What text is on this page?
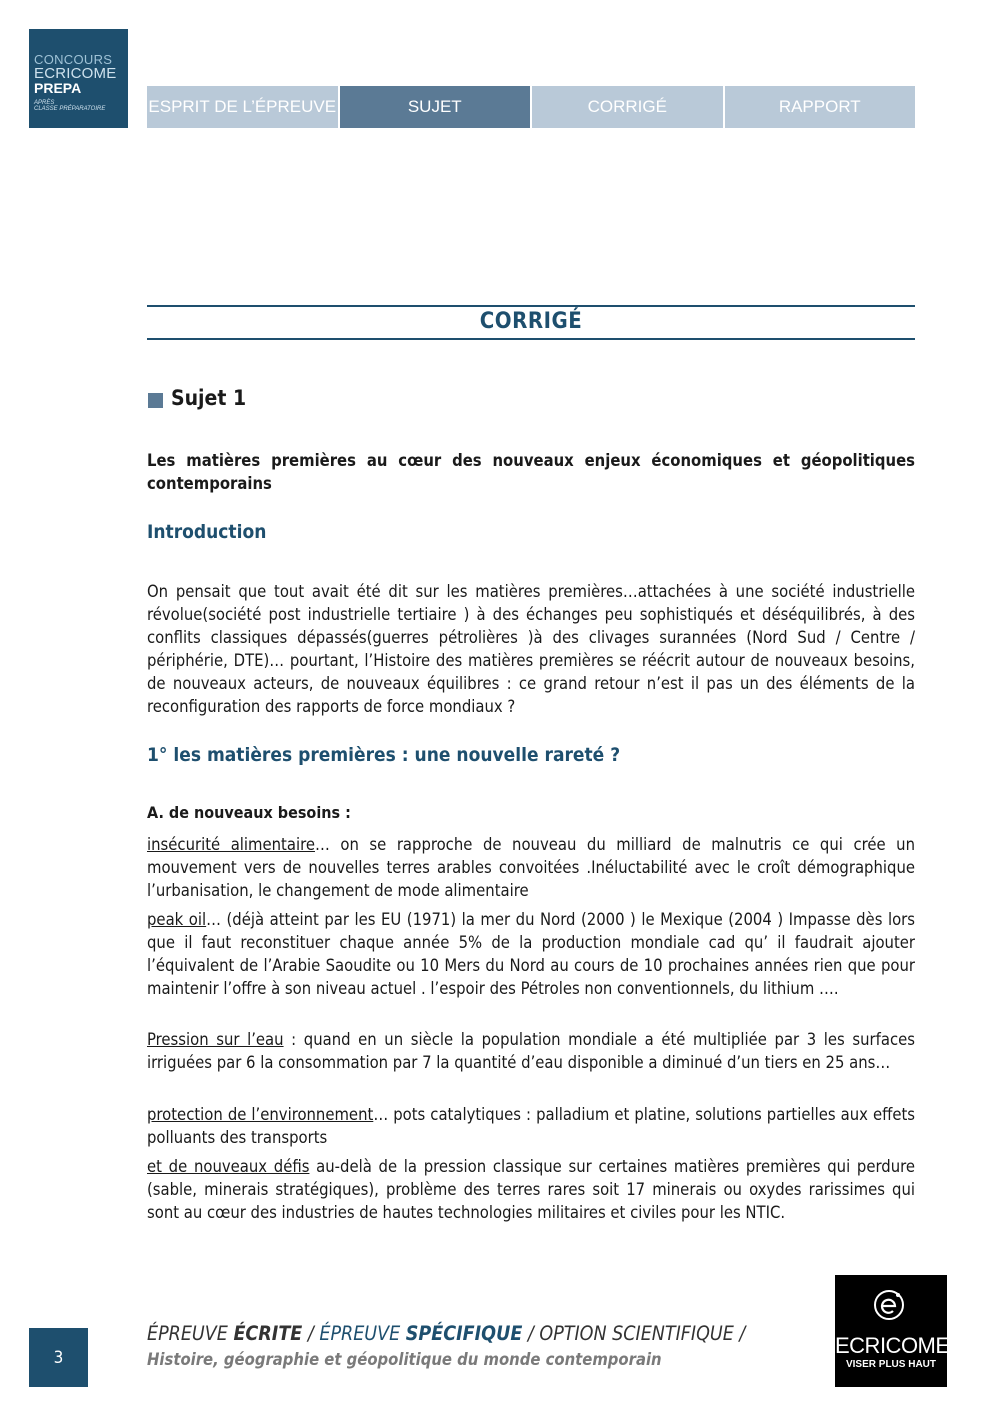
CONCOURS
ECRICOME
PREPA
APRÈS
CLASSE PRÉPARATOIRE	ESPRIT DE L’ÉPREUVE	SUJET	CORRIGÉ	RAPPORT
CORRIGÉ
Sujet 1
Les matières premières au cœur des nouveaux enjeux économiques et géopolitiques contemporains
Introduction
On pensait que tout avait été dit sur les matières premières…attachées à une société industrielle révolue(société post industrielle tertiaire ) à des échanges peu sophistiqués et déséquilibrés, à des conflits classiques dépassés(guerres pétrolières )à des clivages surannées (Nord Sud / Centre / périphérie, DTE)… pourtant, l’Histoire des matières premières se réécrit autour de nouveaux besoins, de nouveaux acteurs, de nouveaux équilibres : ce grand retour n’est il pas un des éléments de la reconfiguration des rapports de force mondiaux ?
1° les matières premières : une nouvelle rareté ?
A. de nouveaux besoins :
insécurité alimentaire… on se rapproche de nouveau du milliard de malnutris ce qui crée un mouvement vers de nouvelles terres arables convoitées .Inéluctabilité avec le croît démographique l’urbanisation, le changement de mode alimentaire
peak oil… (déjà atteint par les EU (1971) la mer du Nord (2000 ) le Mexique (2004 ) Impasse dès lors que il faut reconstituer chaque année 5% de la production mondiale cad qu’ il faudrait ajouter l’équivalent de l’Arabie Saoudite ou 10 Mers du Nord au cours de 10 prochaines années rien que pour maintenir l’offre à son niveau actuel . l’espoir des Pétroles non conventionnels, du lithium ….
Pression sur l’eau : quand en un siècle la population mondiale a été multipliée par 3 les surfaces irriguées par 6 la consommation par 7 la quantité d’eau disponible a diminué d’un tiers en 25 ans…
protection de l’environnement… pots catalytiques : palladium et platine, solutions partielles aux effets polluants des transports
et de nouveaux défis au-delà de la pression classique sur certaines matières premières qui perdure (sable, minerais stratégiques), problème des terres rares soit 17 minerais ou oxydes rarissimes qui sont au cœur des industries de hautes technologies militaires et civiles pour les NTIC.
3
ÉPREUVE ÉCRITE / ÉPREUVE SPÉCIFIQUE / OPTION SCIENTIFIQUE /
Histoire, géographie et géopolitique du monde contemporain
ECRICOME
VISER PLUS HAUT
